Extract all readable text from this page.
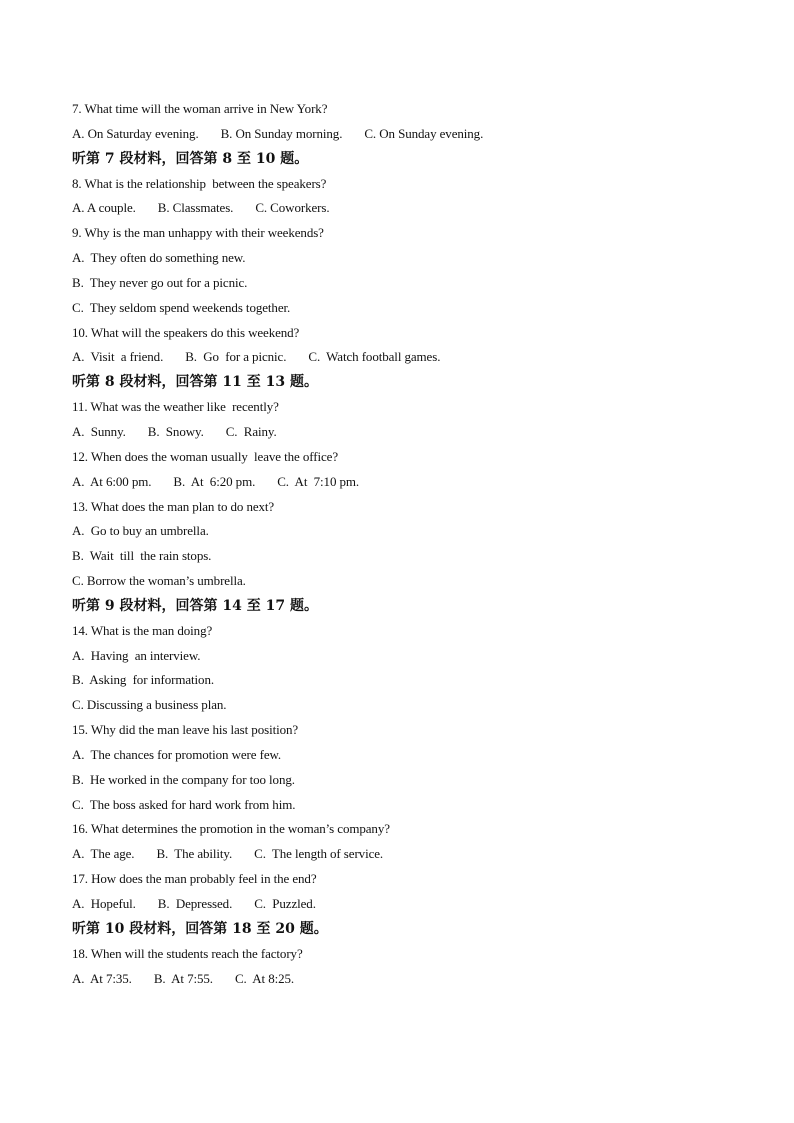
7. What time will the woman arrive in New York?
A. On Saturday evening. B. On Sunday morning. C. On Sunday evening.
听第 7 段材料，回答第 8 至 10 题。
8. What is the relationship  between the speakers?
A. A couple. B. Classmates. C. Coworkers.
9. Why is the man unhappy with their weekends?
A.  They often do something new.
B.  They never go out for a picnic.
C.  They seldom spend weekends together.
10. What will the speakers do this weekend?
A.  Visit  a friend. B.  Go  for a picnic. C.  Watch football games.
听第 8 段材料，回答第 11 至 13 题。
11. What was the weather like  recently?
A.  Sunny. B.  Snowy. C.  Rainy.
12. When does the woman usually  leave the office?
A.  At 6:00 pm. B.  At  6:20 pm. C.  At  7:10 pm.
13. What does the man plan to do next?
A.  Go to buy an umbrella.
B.  Wait  till  the rain stops.
C. Borrow the woman’s umbrella.
听第 9 段材料，回答第 14 至 17 题。
14. What is the man doing?
A.  Having  an interview.
B.  Asking  for information.
C. Discussing a business plan.
15. Why did the man leave his last position?
A.  The chances for promotion were few.
B.  He worked in the company for too long.
C.  The boss asked for hard work from him.
16. What determines the promotion in the woman’s company?
A.  The age. B.  The ability. C.  The length of service.
17. How does the man probably feel in the end?
A.  Hopeful. B.  Depressed. C.  Puzzled.
听第 10 段材料，回答第 18 至 20 题。
18. When will the students reach the factory?
A.  At 7:35. B.  At 7:55. C.  At 8:25.
